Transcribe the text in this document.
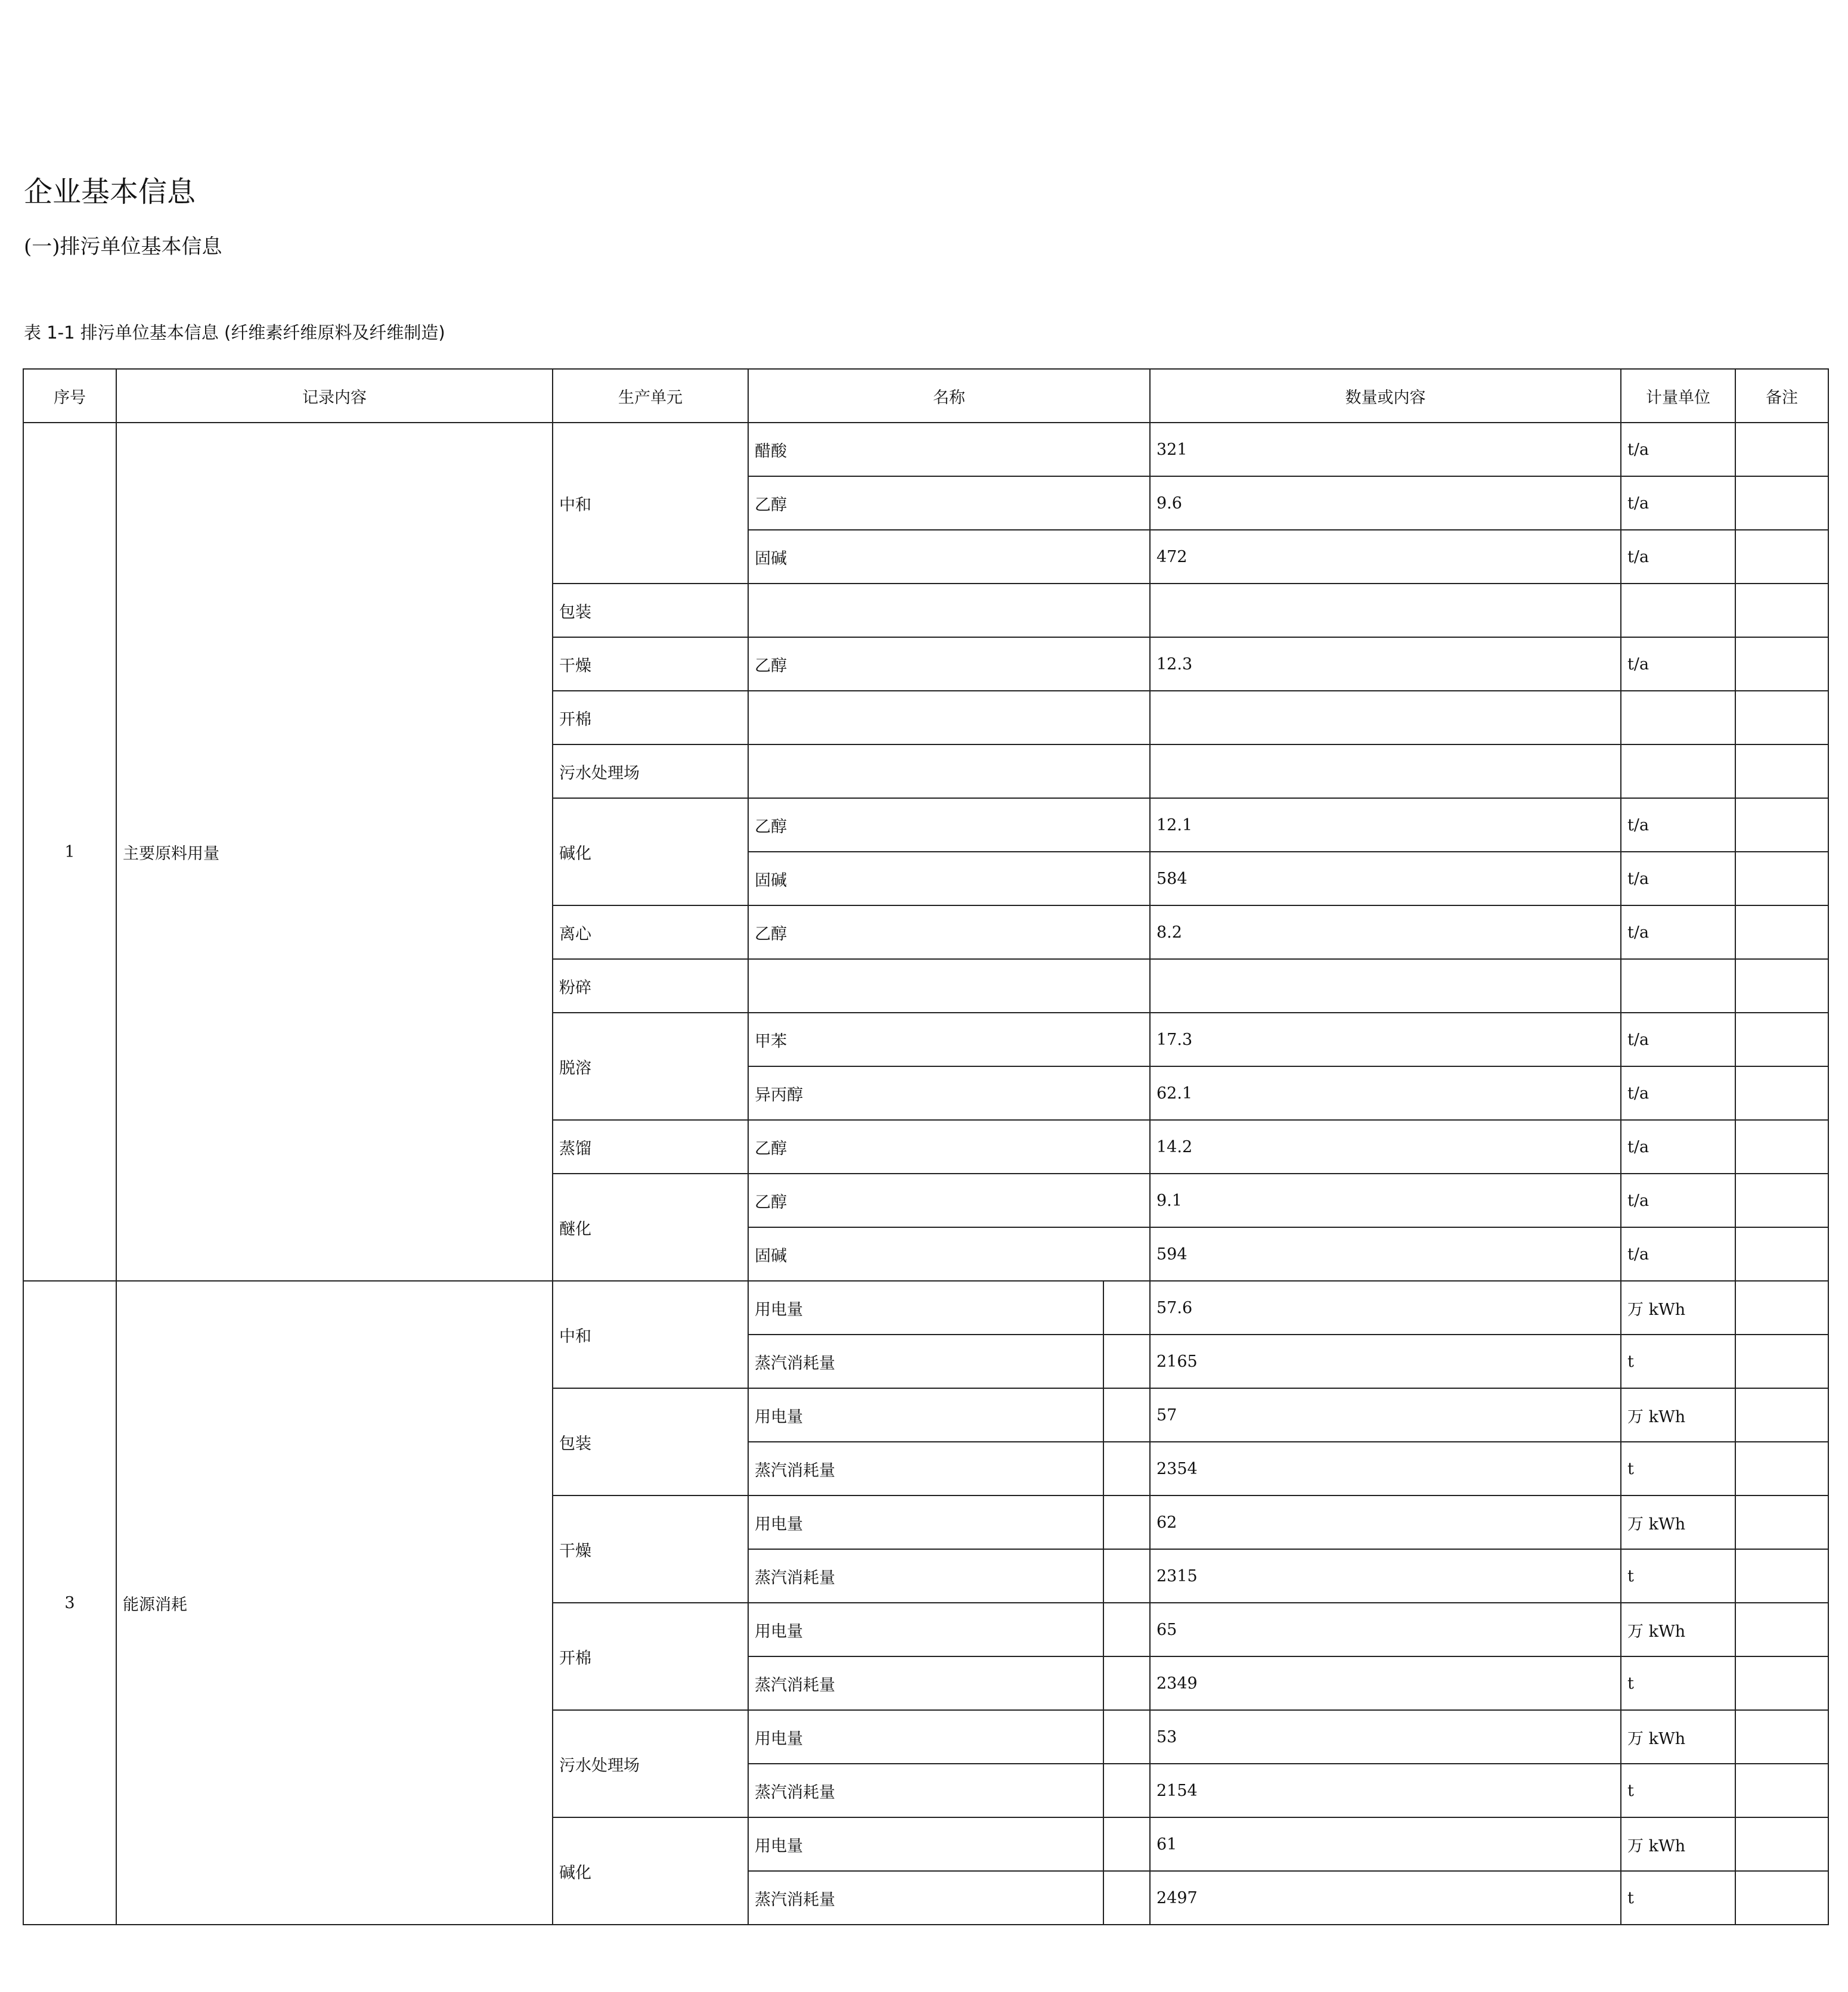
企业基本信息
(一)排污单位基本信息

表 1-1 排污单位基本信息 (纤维素纤维原料及纤维制造)

序号	记录内容	生产单元	名称		数量或内容	计量单位	备注
1	主要原料用量	中和	醋酸		321	t/a	
			乙醇		9.6	t/a	
			固碱		472	t/a	
		包装					
		干燥	乙醇		12.3	t/a	
		开棉					
		污水处理场					
		碱化	乙醇		12.1	t/a	
			固碱		584	t/a	
		离心	乙醇		8.2	t/a	
		粉碎					
		脱溶	甲苯		17.3	t/a	
			异丙醇		62.1	t/a	
		蒸馏	乙醇		14.2	t/a	
		醚化	乙醇		9.1	t/a	
			固碱		594	t/a	
3	能源消耗	中和	用电量		57.6	万 kWh	
			蒸汽消耗量		2165	t	
		包装	用电量		57	万 kWh	
			蒸汽消耗量		2354	t	
		干燥	用电量		62	万 kWh	
			蒸汽消耗量		2315	t	
		开棉	用电量		65	万 kWh	
			蒸汽消耗量		2349	t	
		污水处理场	用电量		53	万 kWh	
			蒸汽消耗量		2154	t	
		碱化	用电量		61	万 kWh	
			蒸汽消耗量		2497	t	
